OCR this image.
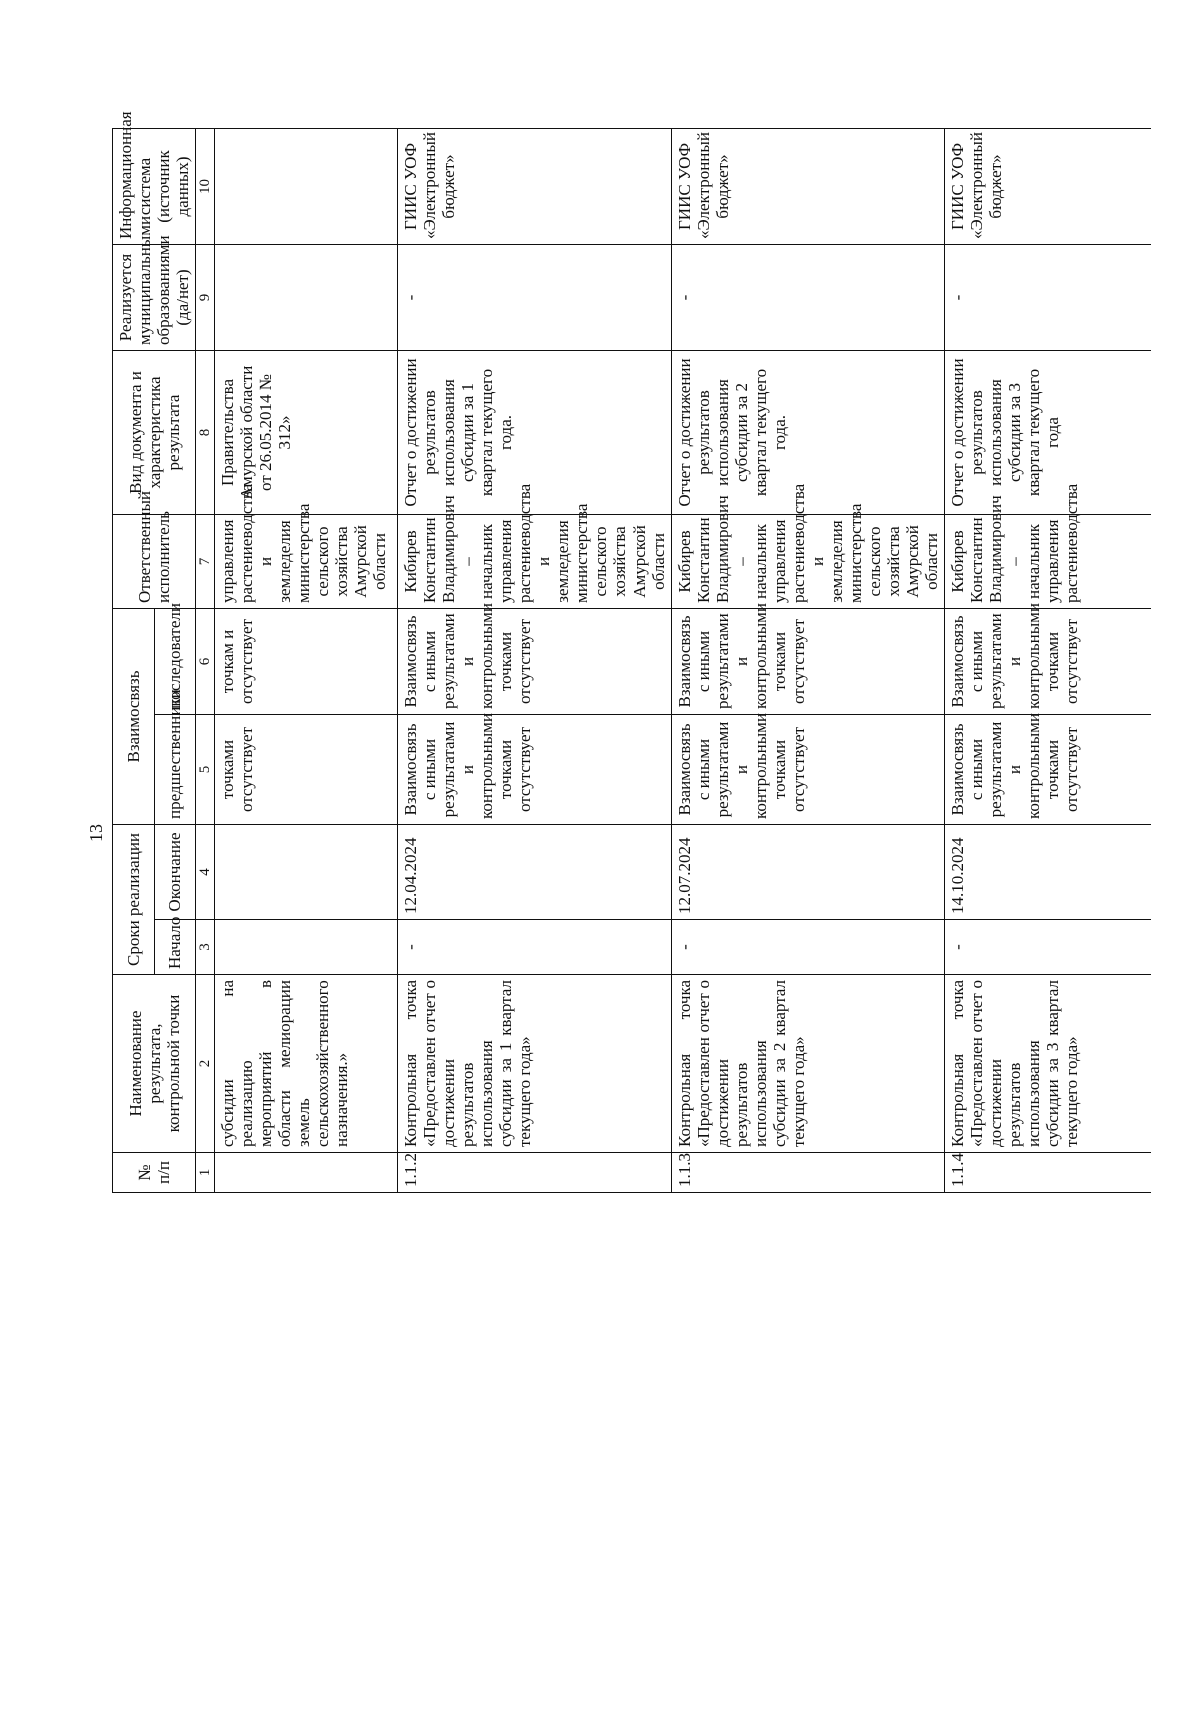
13
№ п/п	Наименование результата, контрольной точки	Сроки реализации		Взаимосвязь		Ответственный исполнитель	Вид документа и характеристика результата	Реализуется муниципальными образованиями (да/нет)	Информационная система (источник данных)
		Начало	Окончание	предшественники	последователи				
1	2	3	4	5	6	7	8	9	10
	субсидии на реализацию мероприятий в области мелиорации земель сельскохозяйственного назначения.»			точками отсутствует	точкам и отсутствует	управления растениеводства и земледелия министерства сельского хозяйства Амурской области	Правительства Амурской области от 26.05.2014 № 312»		
1.1.2	Контрольная точка «Предоставлен отчет о достижении результатов использования субсидии за 1 квартал текущего года»	-	12.04.2024	Взаимосвязь с иными результатами и контрольными точками отсутствует	Взаимосвязь с иными результатами и контрольными точками отсутствует	Кибирев Константин Владимирович – начальник управления растениеводства и земледелия министерства сельского хозяйства Амурской области	Отчет о достижении результатов использования субсидии за 1 квартал текущего года.	-	ГИИС УОФ «Электронный бюджет»
1.1.3	Контрольная точка «Предоставлен отчет о достижении результатов использования субсидии за 2 квартал текущего года»	-	12.07.2024	Взаимосвязь с иными результатами и контрольными точками отсутствует	Взаимосвязь с иными результатами и контрольными точками отсутствует	Кибирев Константин Владимирович – начальник управления растениеводства и земледелия министерства сельского хозяйства Амурской области	Отчет о достижении результатов использования субсидии за 2 квартал текущего года.	-	ГИИС УОФ «Электронный бюджет»
1.1.4	Контрольная точка «Предоставлен отчет о достижении результатов использования субсидии за 3 квартал текущего года»	-	14.10.2024	Взаимосвязь с иными результатами и контрольными точками отсутствует	Взаимосвязь с иными результатами и контрольными точками отсутствует	Кибирев Константин Владимирович – начальник управления растениеводства	Отчет о достижении результатов использования субсидии за 3 квартал текущего года	-	ГИИС УОФ «Электронный бюджет»
